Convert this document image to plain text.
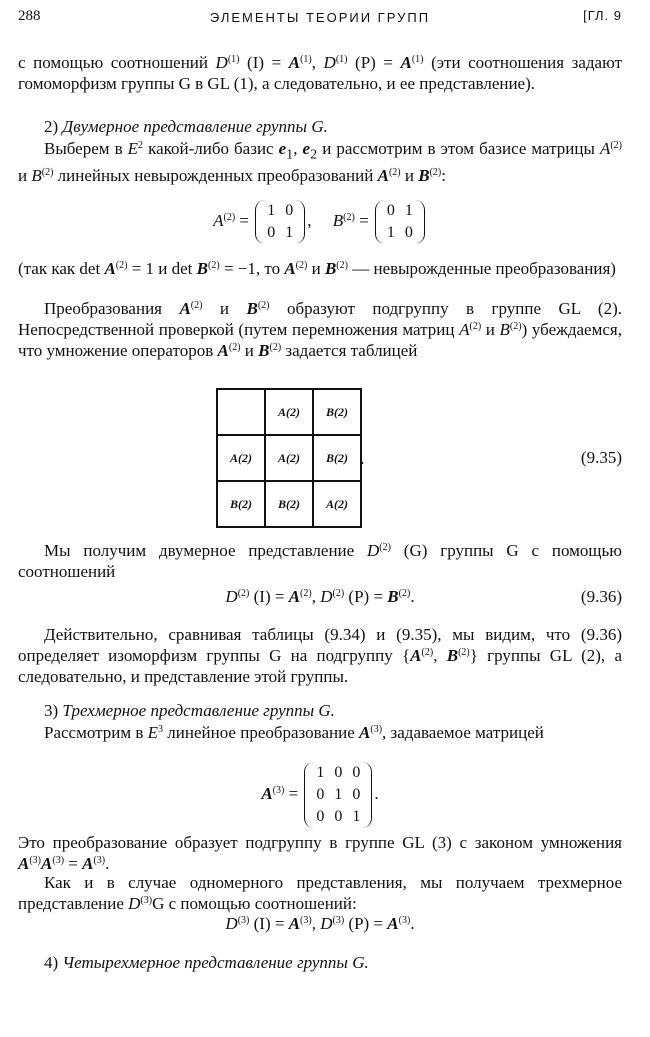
288	ЭЛЕМЕНТЫ ТЕОРИИ ГРУПП	[ГЛ. 9

с помощью соотношений $D^{(1)}$ $(I) = A^{(1)}$, $D^{(1)}$ $(P) = A^{(1)}$ (эти соотношения задают гомоморфизм группы G в GL (1), а следовательно, и ее представление).

2) Двумерное представление группы G.

Выберем в $E^2$ какой-либо базис $e_1$, $e_2$ и рассмотрим в этом базисе матрицы $A^{(2)}$ и $B^{(2)}$ линейных невырожденных преобразований $A^{(2)}$ и $B^{(2)}$:

$A^{(2)}$ =
1	0
0	1
, $B^{(2)}$ =
0	1
1	0

(так как $\det A^{(2)} = 1$ и $\det B^{(2)} = -1$, то $A^{(2)}$ и $B^{(2)}$ — невырожденные преобразования)

Преобразования $A^{(2)}$ и $B^{(2)}$ образуют подгруппу в группе GL (2). Непосредственной проверкой (путем перемножения матриц $A^{(2)}$ и $B^{(2)}$) убеждаемся, что умножение операторов $A^{(2)}$ и $B^{(2)}$ задается таблицей

	A(2)	B(2)
A(2)	A(2)	B(2)
B(2)	B(2)	A(2)
.	(9.35)

Мы получим двумерное представление $D^{(2)}$ (G) группы G с помощью соотношений

$D^{(2)}$ $(I) = A^{(2)}$, $D^{(2)}$ $(P) = B^{(2)}$.	(9.36)

Действительно, сравнивая таблицы (9.34) и (9.35), мы видим, что (9.36) определяет изоморфизм группы G на подгруппу {$A^{(2)}$, $B^{(2)}$} группы GL (2), а следовательно, и представление этой группы.

3) Трехмерное представление группы G.

Рассмотрим в $E^3$ линейное преобразование $A^{(3)}$, задаваемое матрицей

$A^{(3)}$ =
1	0	0
0	1	0
0	0	1
.

Это преобразование образует подгруппу в группе GL (3) с законом умножения $A^{(3)}A^{(3)} = A^{(3)}$.

Как и в случае одномерного представления, мы получаем трехмерное представление $D^{(3)}G$ с помощью соотношений:

$D^{(3)}$ $(I) = A^{(3)}$, $D^{(3)}$ $(P) = A^{(3)}$.

4) Четырехмерное представление группы G.
